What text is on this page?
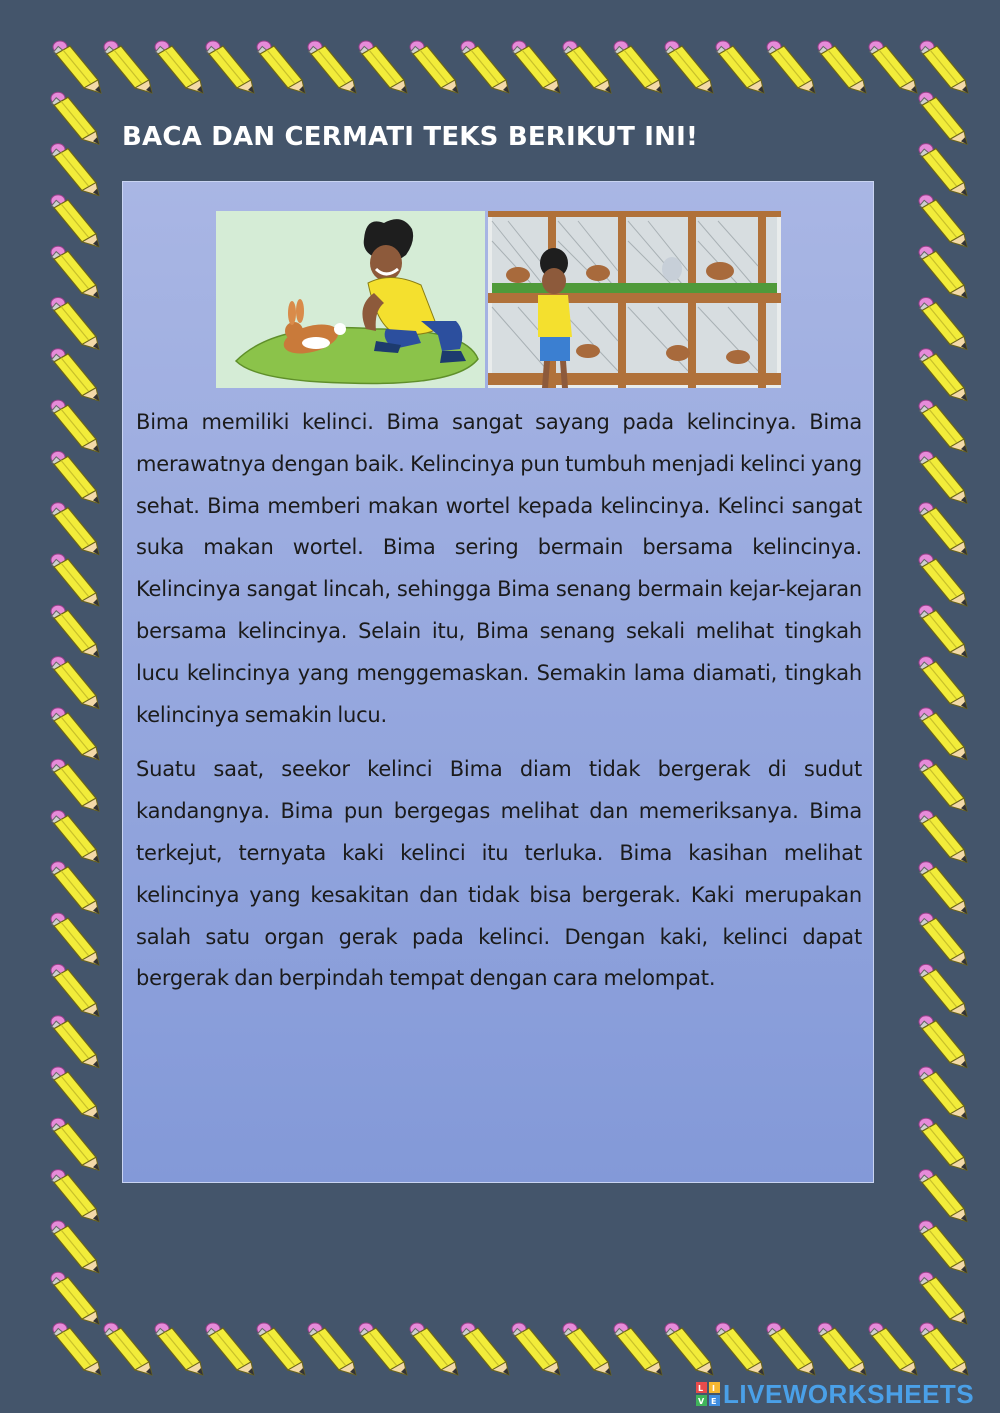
BACA DAN CERMATI TEKS BERIKUT INI!

Bima memiliki kelinci. Bima sangat sayang pada kelincinya. Bima merawatnya dengan baik. Kelincinya pun tumbuh menjadi kelinci yang sehat. Bima memberi makan wortel kepada kelincinya. Kelinci sangat suka makan wortel. Bima sering bermain bersama kelincinya. Kelincinya sangat lincah, sehingga Bima senang bermain kejar-kejaran bersama kelincinya. Selain itu, Bima senang sekali melihat tingkah lucu kelincinya yang menggemaskan. Semakin lama diamati, tingkah kelincinya semakin lucu.

Suatu saat, seekor kelinci Bima diam tidak bergerak di sudut kandangnya. Bima pun bergegas melihat dan memeriksanya. Bima terkejut, ternyata kaki kelinci itu terluka. Bima kasihan melihat kelincinya yang kesakitan dan tidak bisa bergerak. Kaki merupakan salah satu organ gerak pada kelinci. Dengan kaki, kelinci dapat bergerak dan berpindah tempat dengan cara melompat.

L I
V E LIVEWORKSHEETS
